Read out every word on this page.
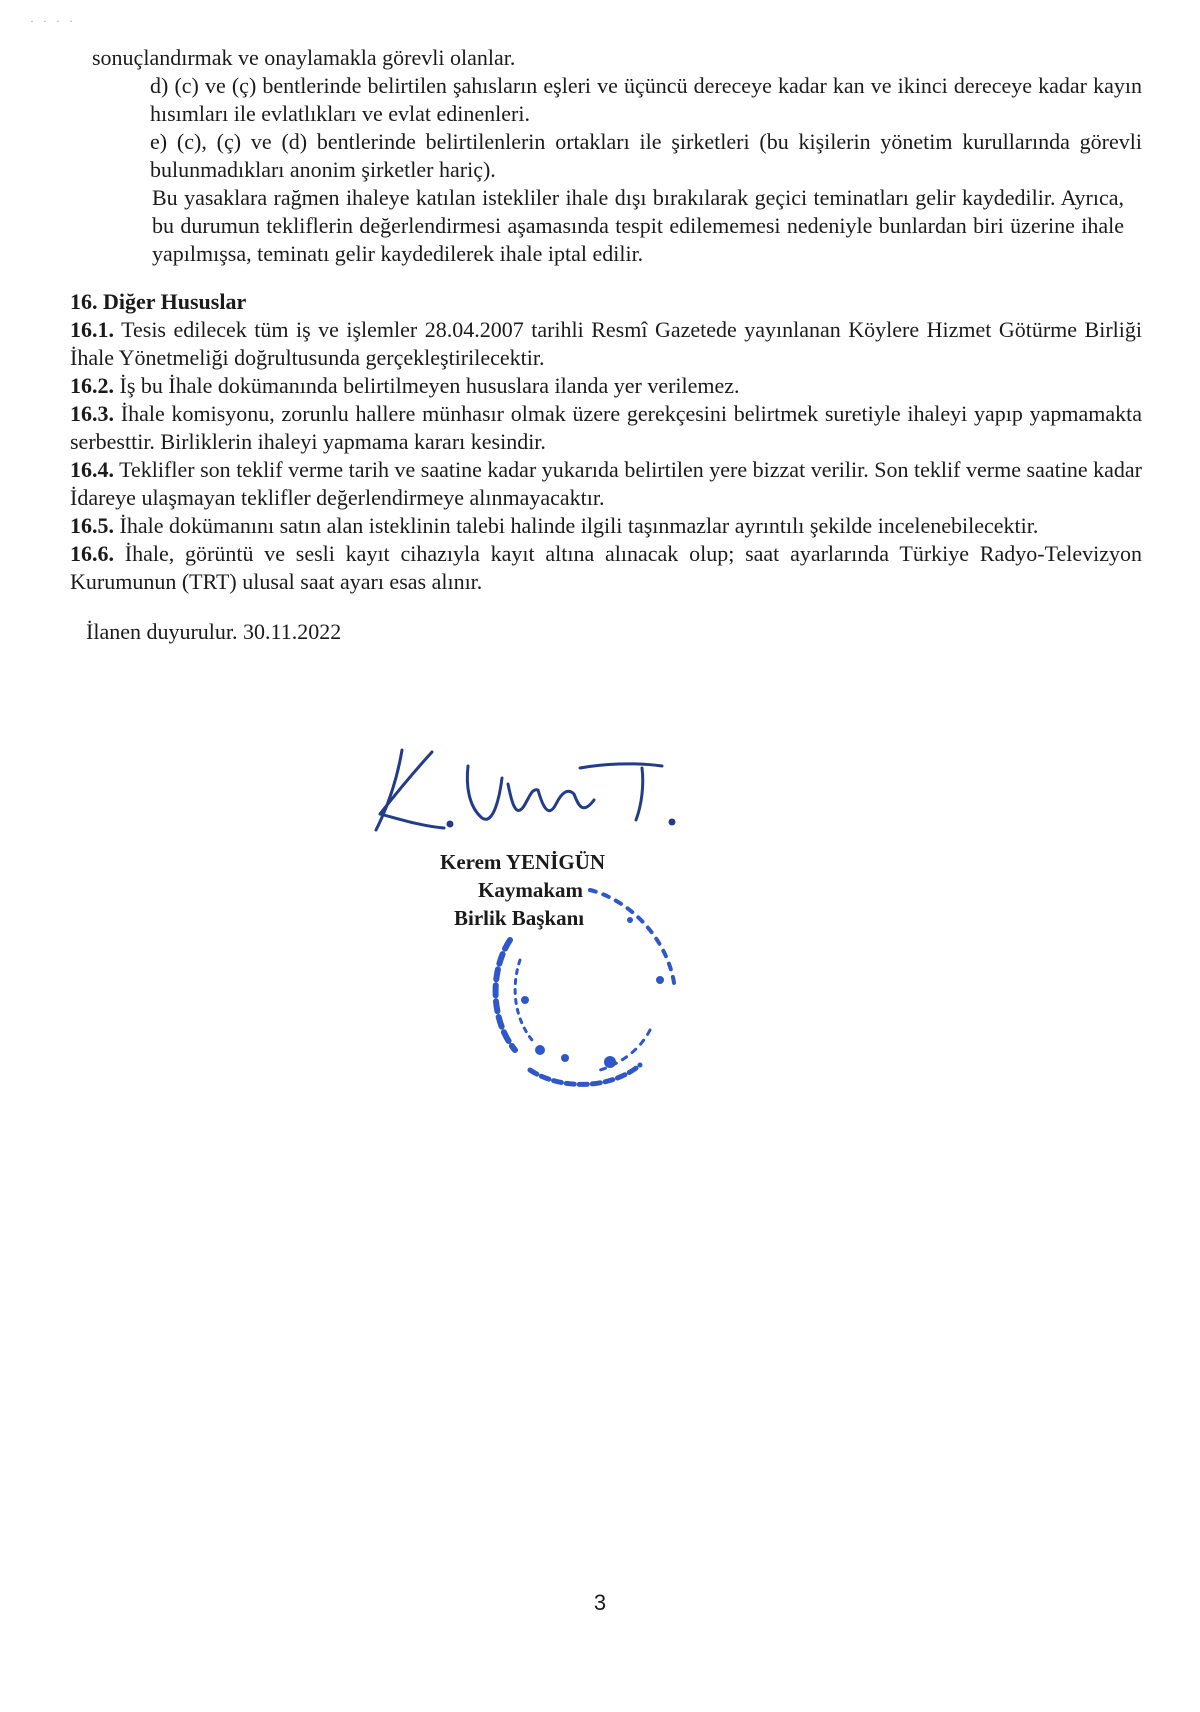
· · · ·

sonuçlandırmak ve onaylamakla görevli olanlar.

d) (c) ve (ç) bentlerinde belirtilen şahısların eşleri ve üçüncü dereceye kadar kan ve ikinci dereceye kadar kayın hısımları ile evlatlıkları ve evlat edinenleri.

e) (c), (ç) ve (d) bentlerinde belirtilenlerin ortakları ile şirketleri (bu kişilerin yönetim kurullarında görevli bulunmadıkları anonim şirketler hariç).

Bu yasaklara rağmen ihaleye katılan istekliler ihale dışı bırakılarak geçici teminatları gelir kaydedilir. Ayrıca, bu durumun tekliflerin değerlendirmesi aşamasında tespit edilememesi nedeniyle bunlardan biri üzerine ihale yapılmışsa, teminatı gelir kaydedilerek ihale iptal edilir.

16. Diğer Hususlar
16.1. Tesis edilecek tüm iş ve işlemler 28.04.2007 tarihli Resmî Gazetede yayınlanan Köylere Hizmet Götürme Birliği İhale Yönetmeliği doğrultusunda gerçekleştirilecektir.
16.2. İş bu İhale dokümanında belirtilmeyen hususlara ilanda yer verilemez.
16.3. İhale komisyonu, zorunlu hallere münhasır olmak üzere gerekçesini belirtmek suretiyle ihaleyi yapıp yapmamakta serbesttir. Birliklerin ihaleyi yapmama kararı kesindir.
16.4. Teklifler son teklif verme tarih ve saatine kadar yukarıda belirtilen yere bizzat verilir. Son teklif verme saatine kadar İdareye ulaşmayan teklifler değerlendirmeye alınmayacaktır.
16.5. İhale dokümanını satın alan isteklinin talebi halinde ilgili taşınmazlar ayrıntılı şekilde incelenebilecektir.
16.6. İhale, görüntü ve sesli kayıt cihazıyla kayıt altına alınacak olup; saat ayarlarında Türkiye Radyo-Televizyon Kurumunun (TRT) ulusal saat ayarı esas alınır.

İlanen duyurulur. 30.11.2022

Kerem YENİGÜN
Kaymakam
Birlik Başkanı
3
